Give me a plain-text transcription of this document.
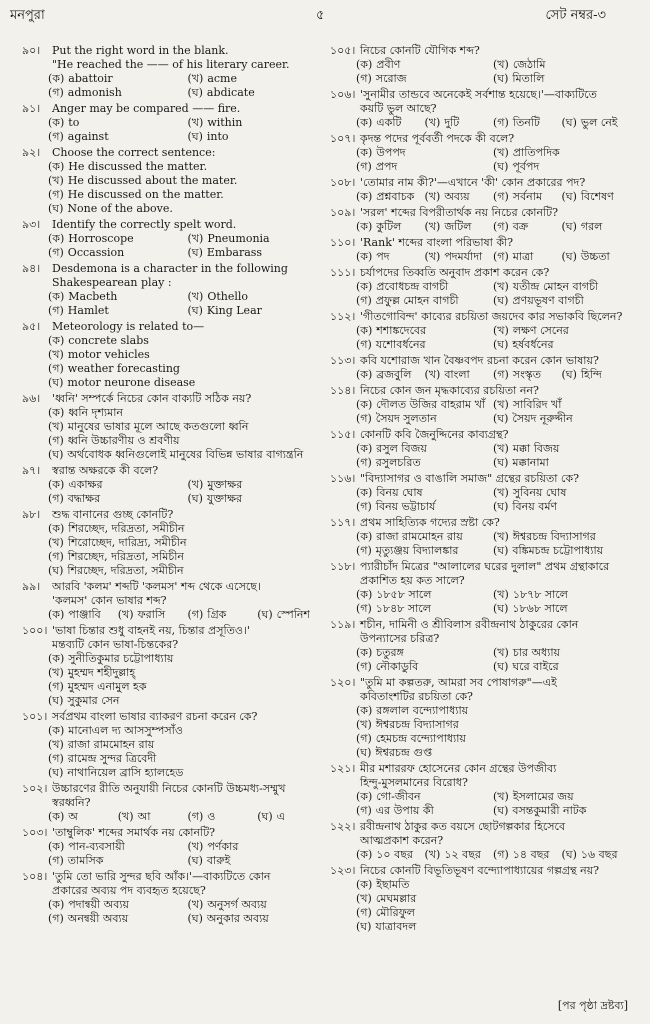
মনপুরা	৫	সেট নম্বর-৩
৯০।	Put the right word in the blank.
"He reached the —— of his literary career.
(ক) abattoir	(খ) acme
(গ) admonish	(ঘ) abdicate
৯১।	Anger may be compared —— fire.
(ক) to	(খ) within
(গ) against	(ঘ) into
৯২।	Choose the correct sentence:
(ক) He discussed the matter.
(খ) He discussed about the mater.
(গ) He discussed on the matter.
(ঘ) None of the above.
৯৩।	Identify the correctly spelt word.
(ক) Horroscope	(খ) Pneumonia
(গ) Occassion	(ঘ) Embarass
৯৪।	Desdemona is a character in the following
Shakespearean play :
(ক) Macbeth	(খ) Othello
(গ) Hamlet	(ঘ) King Lear
৯৫।	Meteorology is related to—
(ক) concrete slabs
(খ) motor vehicles
(গ) weather forecasting
(ঘ) motor neurone disease
৯৬।	'ধ্বনি' সম্পর্কে নিচের কোন বাক্যটি সঠিক নয়?
(ক) ধ্বনি দৃশ্যমান
(খ) মানুষের ভাষার মূলে আছে কতগুলো ধ্বনি
(গ) ধ্বনি উচ্চারণীয় ও শ্রবণীয়
(ঘ) অর্থবোধক ধ্বনিগুলোই মানুষের বিভিন্ন ভাষার বাগ্যন্ত্রনি
৯৭।	স্বরান্ত অক্ষরকে কী বলে?
(ক) একাক্ষর	(খ) মুক্তাক্ষর
(গ) বদ্ধাক্ষর	(ঘ) যুক্তাক্ষর
৯৮।	শুদ্ধ বানানের গুচ্ছ কোনটি?
(ক) শিরচ্ছেদ, দরিদ্রতা, সমীচীন
(খ) শিরোচ্ছেদ, দারিদ্র্য, সমীচীন
(গ) শিরচ্ছেদ, দরিদ্রতা, সমিচীন
(ঘ) শিরচ্ছেদ, দরিদ্রতা, সমীচীন
৯৯।	আরবি 'কলম' শব্দটি 'কলমস' শব্দ থেকে এসেছে।
'কলমস' কোন ভাষার শব্দ?
(ক) পাঞ্জাবি	(খ) ফরাসি	(গ) গ্রিক	(ঘ) স্পেনিশ
১০০। 'ভাষা চিন্তার শুধু বাহনই নয়, চিন্তার প্রসূতিও।'
মন্তব্যটি কোন ভাষা-চিন্তকের?
(ক) সুনীতিকুমার চট্টোপাধ্যায়
(খ) মুহম্মদ শহীদুল্লাহ্
(গ) মুহম্মদ এনামুল হক
(ঘ) সুকুমার সেন
১০১। সর্বপ্রথম বাংলা ভাষার ব্যাকরণ রচনা করেন কে?
(ক) মানোএল দ্য আসসুম্পসাঁও
(খ) রাজা রামমোহন রায়
(গ) রামেন্দ্র সুন্দর ত্রিবেদী
(ঘ) নাথানিয়েল ব্রাসি হ্যালহেড
১০২। উচ্চারণের রীতি অনুযায়ী নিচের কোনটি উচ্চমধ্য-সম্মুখ
স্বরধ্বনি?
(ক) অ	(খ) আ	(গ) ও	(ঘ) এ
১০৩। 'তাম্বুলিক' শব্দের সমার্থক নয় কোনটি?
(ক) পান-ব্যবসায়ী	(খ) পর্ণকার
(গ) তামসিক	(ঘ) বারুই
১০৪। 'তুমি তো ভারি সুন্দর ছবি আঁক।'—বাক্যটিতে কোন
প্রকারের অব্যয় পদ ব্যবহৃত হয়েছে?
(ক) পদান্বয়ী অব্যয়	(খ) অনুসর্গ অব্যয়
(গ) অনন্বয়ী অব্যয়	(ঘ) অনুকার অব্যয়
১০৫। নিচের কোনটি যৌগিক শব্দ?
(ক) প্রবীণ	(খ) জেঠামি
(গ) সরোজ	(ঘ) মিতালি
১০৬। 'সুনামীর তান্ডবে অনেকেই সর্বশান্ত হয়েছে।'—বাক্যটিতে
কয়টি ভুল আছে?
(ক) একটি	(খ) দুটি	(গ) তিনটি	(ঘ) ভুল নেই
১০৭। কৃদন্ত পদের পূর্ববর্তী পদকে কী বলে?
(ক) উপপদ	(খ) প্রাতিপদিক
(গ) প্রপদ	(ঘ) পূর্বপদ
১০৮। 'তোমার নাম কী?'—এখানে 'কী' কোন প্রকারের পদ?
(ক) প্রশ্নবাচক (খ) অব্যয়	(গ) সর্বনাম	(ঘ) বিশেষণ
১০৯। 'সরল' শব্দের বিপরীতার্থক নয় নিচের কোনটি?
(ক) কুটিল	(খ) জটিল	(গ) বক্র	(ঘ) গরল
১১০। 'Rank' শব্দের বাংলা পরিভাষা কী?
(ক) পদ	(খ) পদমর্যাদা (গ) মাত্রা	(ঘ) উচ্চতা
১১১। চর্যাপদের তিব্বতি অনুবাদ প্রকাশ করেন কে?
(ক) প্রবোধচন্দ্র বাগচী	(খ) যতীন্দ্র মোহন বাগচী
(গ) প্রফুল্ল মোহন বাগচী	(ঘ) প্রণয়ভূষণ বাগচী
১১২। 'গীতগোবিন্দ' কাব্যের রচয়িতা জয়দেব কার সভাকবি ছিলেন?
(ক) শশাঙ্কদেবের	(খ) লক্ষণ সেনের
(গ) যশোবর্ধনের	(ঘ) হর্ষবর্ধনের
১১৩। কবি যশোরাজ খান বৈষ্ণবপদ রচনা করেন কোন ভাষায়?
(ক) ব্রজবুলি	(খ) বাংলা	(গ) সংস্কৃত	(ঘ) হিন্দি
১১৪। নিচের কোন জন মৃদ্ধকাব্যের রচয়িতা নন?
(ক) দৌলত উজির বাহরাম খাঁ (খ) সাবিরিদ খাঁ
(গ) সৈয়দ সুলতান	(ঘ) সৈয়দ নূরুদ্দীন
১১৫। কোনটি কবি জৈনুদ্দিনের কাব্যগ্রন্থ?
(ক) রসুল বিজয়	(খ) মক্কা বিজয়
(গ) রসুলচরিত	(ঘ) মক্কানামা
১১৬। "বিদ্যাসাগর ও বাঙালি সমাজ" গ্রন্থের রচয়িতা কে?
(ক) বিনয় ঘোষ	(খ) সুবিনয় ঘোষ
(গ) বিনয় ভট্টাচার্য	(ঘ) বিনয় বর্মণ
১১৭। প্রথম সাহিত্যিক গদ্যের স্রষ্টা কে?
(ক) রাজা রামমোহন রায়	(খ) ঈশ্বরচন্দ্র বিদ্যাসাগর
(গ) মৃত্যুঞ্জয় বিদ্যালঙ্কার	(ঘ) বঙ্কিমচন্দ্র চট্টোপাধ্যায়
১১৮। প্যারীচাঁদ মিত্রের "আলালের ঘরের দুলাল" প্রথম গ্রন্থাকারে
প্রকাশিত হয় কত সালে?
(ক) ১৮৫৮ সালে	(খ) ১৮৭৮ সালে
(গ) ১৮৪৮ সালে	(ঘ) ১৮৬৮ সালে
১১৯। শচীন, দামিনী ও শ্রীবিলাস রবীন্দ্রনাথ ঠাকুরের কোন
উপন্যাসের চরিত্র?
(ক) চতুরঙ্গ	(খ) চার অধ্যায়
(গ) নৌকাডুবি	(ঘ) ঘরে বাইরে
১২০। "তুমি মা কল্পতরু, আমরা সব পোষাগরু"—এই
কবিতাংশটির রচয়িতা কে?
(ক) রঙ্গলাল বন্দ্যোপাধ্যায়
(খ) ঈশ্বরচন্দ্র বিদ্যাসাগর
(গ) হেমচন্দ্র বন্দ্যোপাধ্যায়
(ঘ) ঈশ্বরচন্দ্র গুপ্ত
১২১। মীর মশাররফ হোসেনের কোন গ্রন্থের উপজীব্য
হিন্দু-মুসলমানের বিরোধ?
(ক) গো-জীবন	(খ) ইসলামের জয়
(গ) এর উপায় কী	(ঘ) বসন্তকুমারী নাটক
১২২। রবীন্দ্রনাথ ঠাকুর কত বয়সে ছোটগল্পকার হিসেবে
আত্মপ্রকাশ করেন?
(ক) ১০ বছর	(খ) ১২ বছর	(গ) ১৪ বছর	(ঘ) ১৬ বছর
১২৩। নিচের কোনটি বিভূতিভূষণ বন্দ্যোপাধ্যায়ের গল্পগ্রন্থ নয়?
(ক) ইছামতি
(খ) মেঘমল্লার
(গ) মৌরিফুল
(ঘ) যাত্রাবদল
[পর পৃষ্ঠা দ্রষ্টব্য]
